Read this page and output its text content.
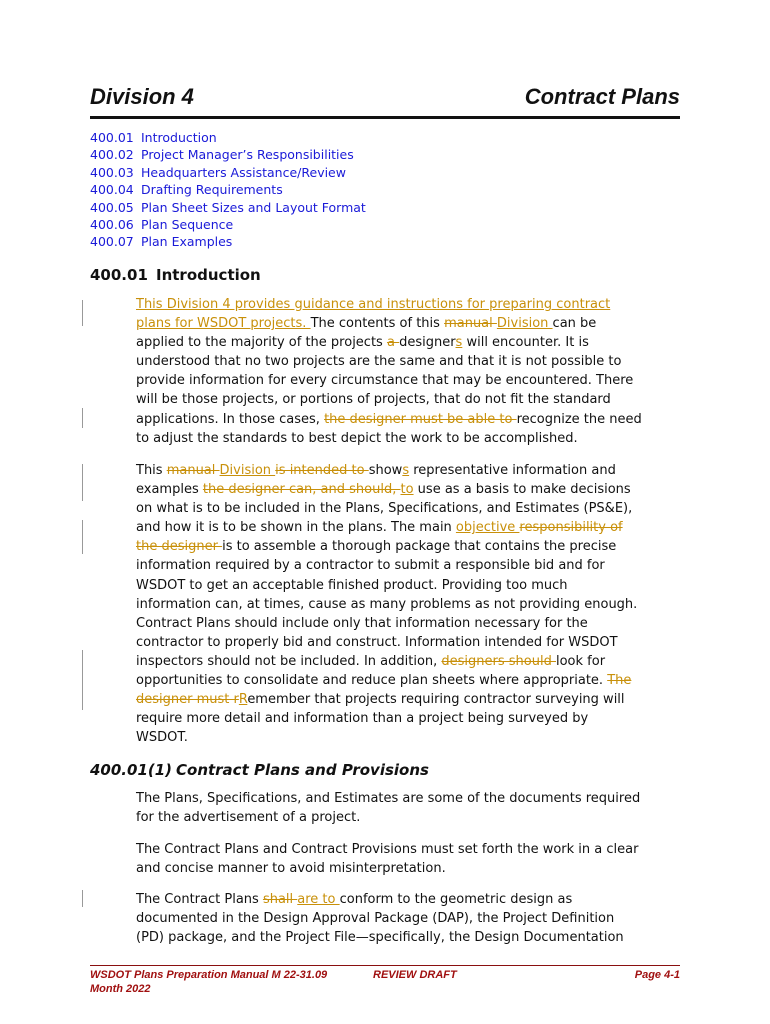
Division 4	Contract Plans
400.01 Introduction
400.02 Project Manager’s Responsibilities
400.03 Headquarters Assistance/Review
400.04 Drafting Requirements
400.05 Plan Sheet Sizes and Layout Format
400.06 Plan Sequence
400.07 Plan Examples
400.01 Introduction
This Division 4 provides guidance and instructions for preparing contract
plans for WSDOT projects. The contents of this manual Division can be
applied to the majority of the projects a designers will encounter. It is
understood that no two projects are the same and that it is not possible to
provide information for every circumstance that may be encountered. There
will be those projects, or portions of projects, that do not fit the standard
applications. In those cases, the designer must be able to recognize the need
to adjust the standards to best depict the work to be accomplished.
This manual Division is intended to shows representative information and
examples the designer can, and should, to use as a basis to make decisions
on what is to be included in the Plans, Specifications, and Estimates (PS&E),
and how it is to be shown in the plans. The main objective responsibility of
the designer is to assemble a thorough package that contains the precise
information required by a contractor to submit a responsible bid and for
WSDOT to get an acceptable finished product. Providing too much
information can, at times, cause as many problems as not providing enough.
Contract Plans should include only that information necessary for the
contractor to properly bid and construct. Information intended for WSDOT
inspectors should not be included. In addition, designers should look for
opportunities to consolidate and reduce plan sheets where appropriate. The
designer must rRemember that projects requiring contractor surveying will
require more detail and information than a project being surveyed by
WSDOT.
400.01(1) Contract Plans and Provisions
The Plans, Specifications, and Estimates are some of the documents required
for the advertisement of a project.
The Contract Plans and Contract Provisions must set forth the work in a clear
and concise manner to avoid misinterpretation.
The Contract Plans shall are to conform to the geometric design as
documented in the Design Approval Package (DAP), the Project Definition
(PD) package, and the Project File—specifically, the Design Documentation
WSDOT Plans Preparation Manual M 22-31.09	REVIEW DRAFT	Page 4-1
Month 2022
